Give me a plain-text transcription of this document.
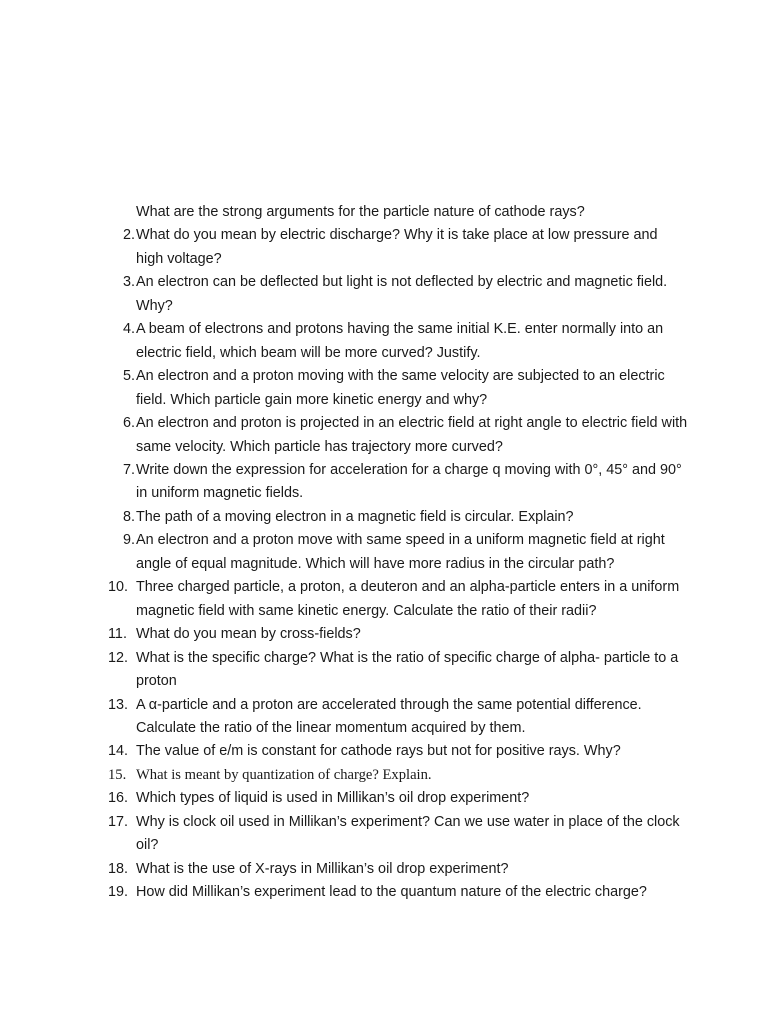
What are the strong arguments for the particle nature of cathode rays?
2. What do you mean by electric discharge? Why it is take place at low pressure and high voltage?
3. An electron can be deflected but light is not deflected by electric and magnetic field. Why?
4. A beam of electrons and protons having the same initial K.E. enter normally into an electric field, which beam will be more curved? Justify.
5. An electron and a proton moving with the same velocity are subjected to an electric field. Which particle gain more kinetic energy and why?
6. An electron and proton is projected in an electric field at right angle to electric field with same velocity. Which particle has trajectory more curved?
7. Write down the expression for acceleration for a charge q moving with 0°, 45° and 90° in uniform magnetic fields.
8. The path of a moving electron in a magnetic field is circular. Explain?
9. An electron and a proton move with same speed in a uniform magnetic field at right angle of equal magnitude. Which will have more radius in the circular path?
10. Three charged particle, a proton, a deuteron and an alpha-particle enters in a uniform magnetic field with same kinetic energy. Calculate the ratio of their radii?
11. What do you mean by cross-fields?
12. What is the specific charge? What is the ratio of specific charge of alpha- particle to a proton
13. A α-particle and a proton are accelerated through the same potential difference. Calculate the ratio of the linear momentum acquired by them.
14. The value of e/m is constant for cathode rays but not for positive rays. Why?
15. What is meant by quantization of charge? Explain.
16. Which types of liquid is used in Millikan’s oil drop experiment?
17. Why is clock oil used in Millikan’s experiment? Can we use water in place of the clock oil?
18. What is the use of X-rays in Millikan’s oil drop experiment?
19. How did Millikan’s experiment lead to the quantum nature of the electric charge?
